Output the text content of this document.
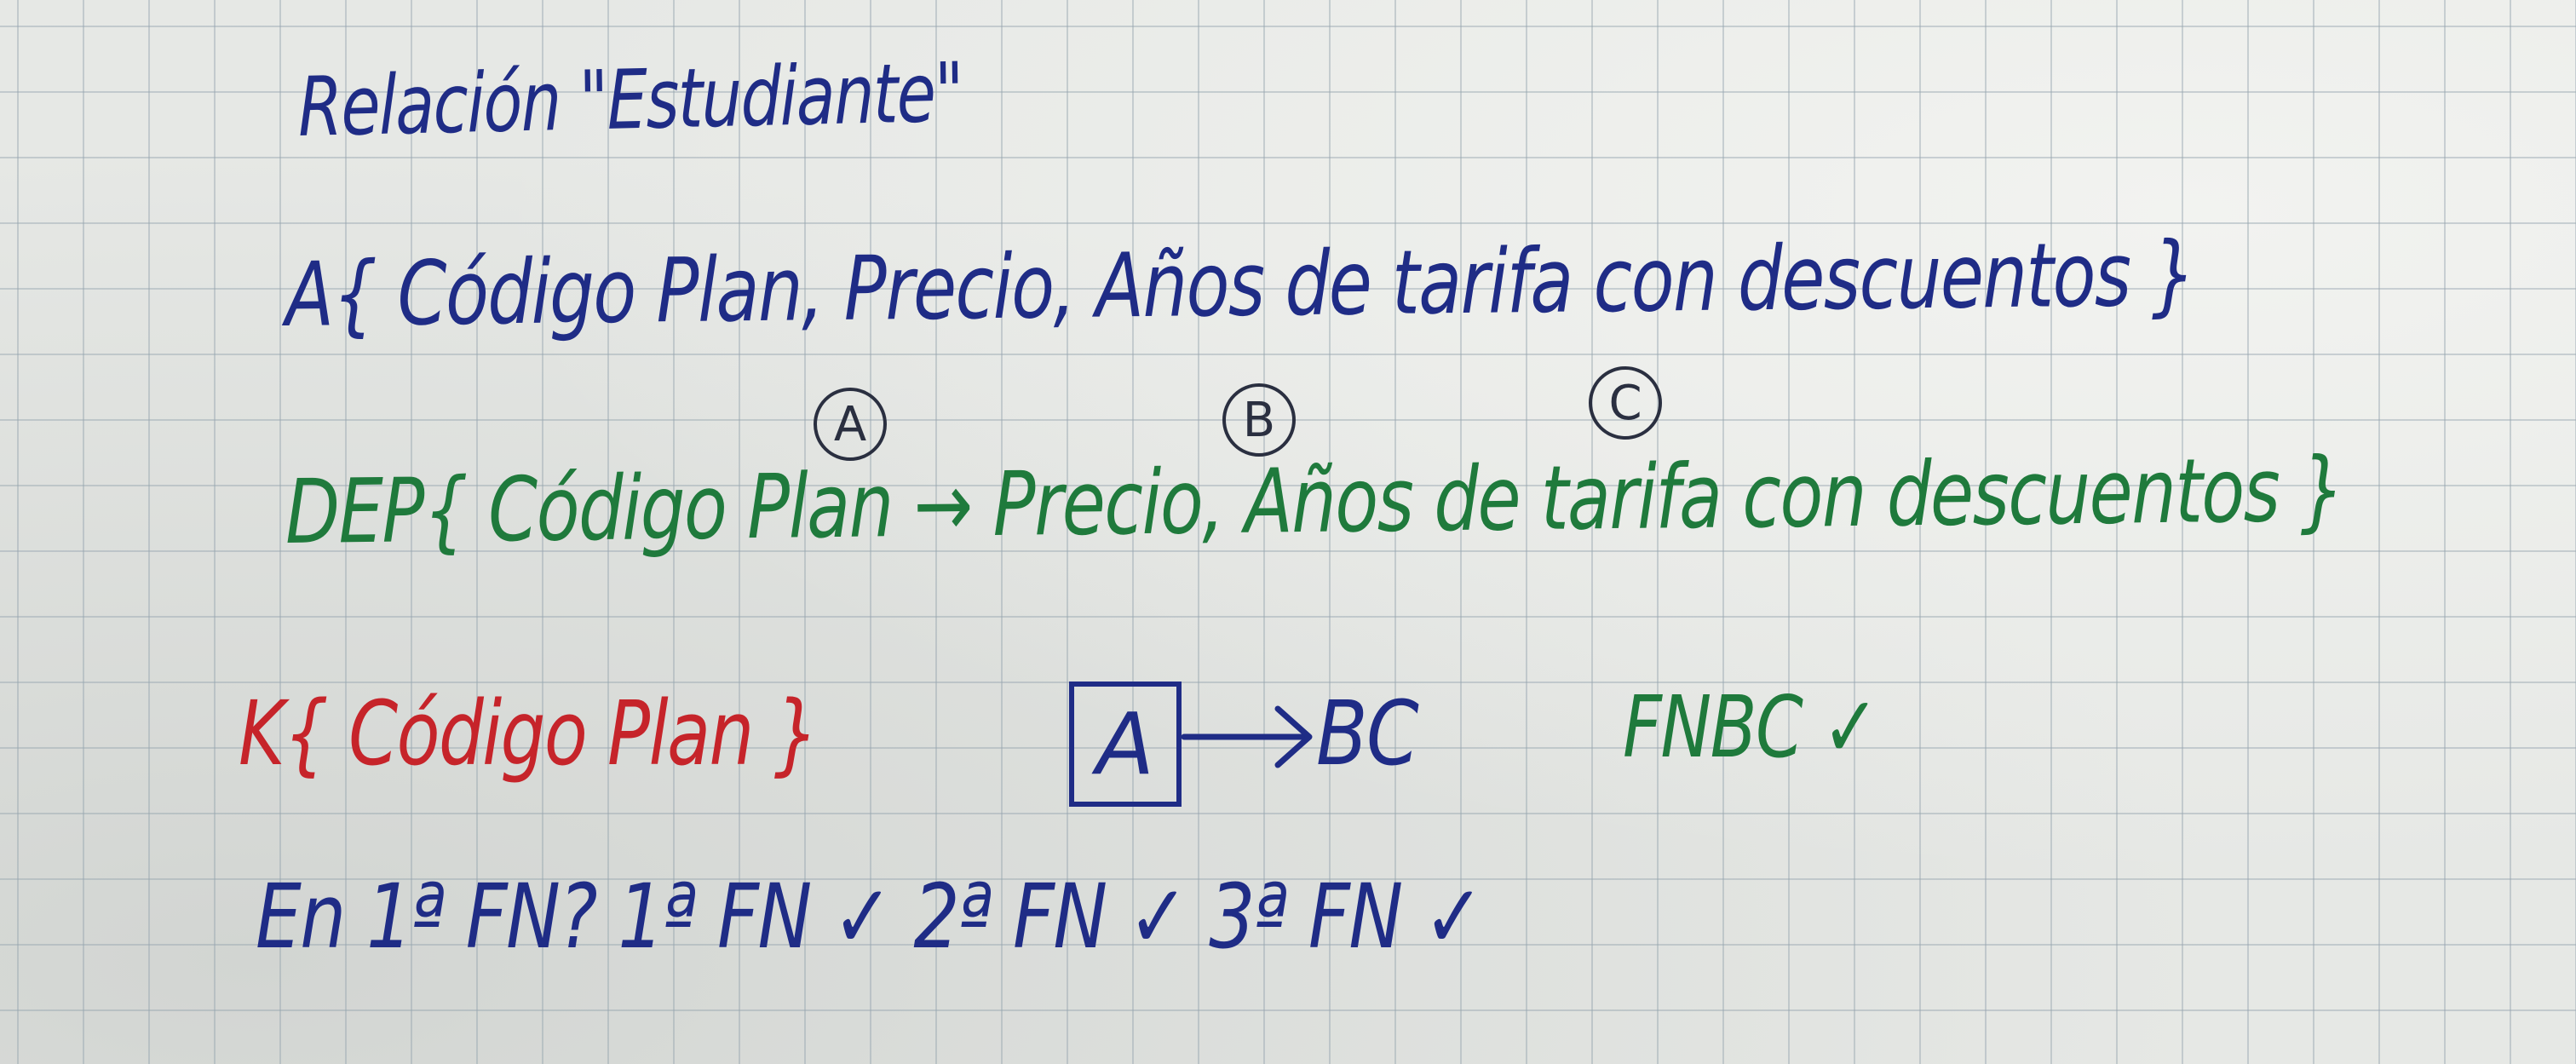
Relación "Estudiante"
A{ Código Plan, Precio, Años de tarifa con descuentos }
A	B	C
DEP{ Código Plan → Precio, Años de tarifa con descuentos }
K{ Código Plan }	A	BC FNBC ✓
En 1ª FN? 1ª FN ✓ 2ª FN ✓ 3ª FN ✓
